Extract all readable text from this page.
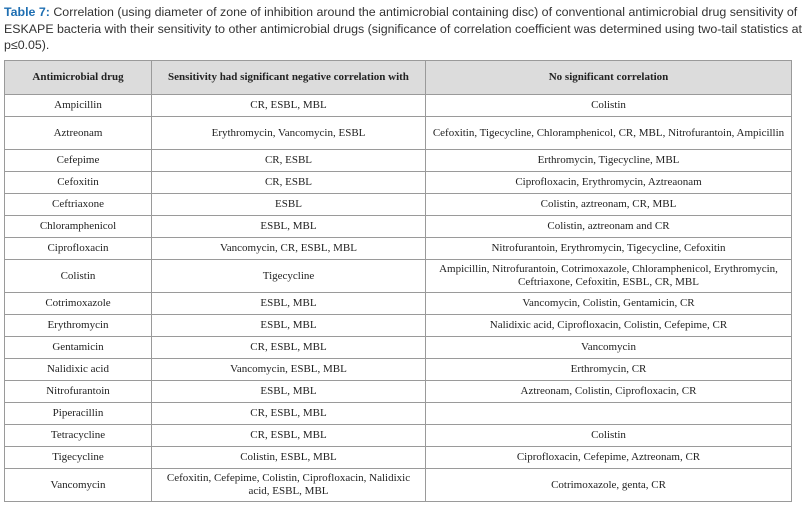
Table 7: Correlation (using diameter of zone of inhibition around the antimicrobial containing disc) of conventional antimicrobial drug sensitivity of ESKAPE bacteria with their sensitivity to other antimicrobial drugs (significance of correlation coefficient was determined using two-tail statistics at p≤0.05).
Antimicrobial drug	Sensitivity had significant negative correlation with	No significant correlation
Ampicillin	CR, ESBL, MBL	Colistin
Aztreonam	Erythromycin, Vancomycin, ESBL	Cefoxitin, Tigecycline, Chloramphenicol, CR, MBL, Nitrofurantoin, Ampicillin
Cefepime	CR, ESBL	Erthromycin, Tigecycline, MBL
Cefoxitin	CR, ESBL	Ciprofloxacin, Erythromycin, Aztreaonam
Ceftriaxone	ESBL	Colistin, aztreonam, CR, MBL
Chloramphenicol	ESBL, MBL	Colistin, aztreonam and CR
Ciprofloxacin	Vancomycin, CR, ESBL, MBL	Nitrofurantoin, Erythromycin, Tigecycline, Cefoxitin
Colistin	Tigecycline	Ampicillin, Nitrofurantoin, Cotrimoxazole, Chloramphenicol, Erythromycin, Ceftriaxone, Cefoxitin, ESBL, CR, MBL
Cotrimoxazole	ESBL, MBL	Vancomycin, Colistin, Gentamicin, CR
Erythromycin	ESBL, MBL	Nalidixic acid, Ciprofloxacin, Colistin, Cefepime, CR
Gentamicin	CR, ESBL, MBL	Vancomycin
Nalidixic acid	Vancomycin, ESBL, MBL	Erthromycin, CR
Nitrofurantoin	ESBL, MBL	Aztreonam, Colistin, Ciprofloxacin, CR
Piperacillin	CR, ESBL, MBL	
Tetracycline	CR, ESBL, MBL	Colistin
Tigecycline	Colistin, ESBL, MBL	Ciprofloxacin, Cefepime, Aztreonam, CR
Vancomycin	Cefoxitin, Cefepime, Colistin, Ciprofloxacin, Nalidixic acid, ESBL, MBL	Cotrimoxazole, genta, CR
